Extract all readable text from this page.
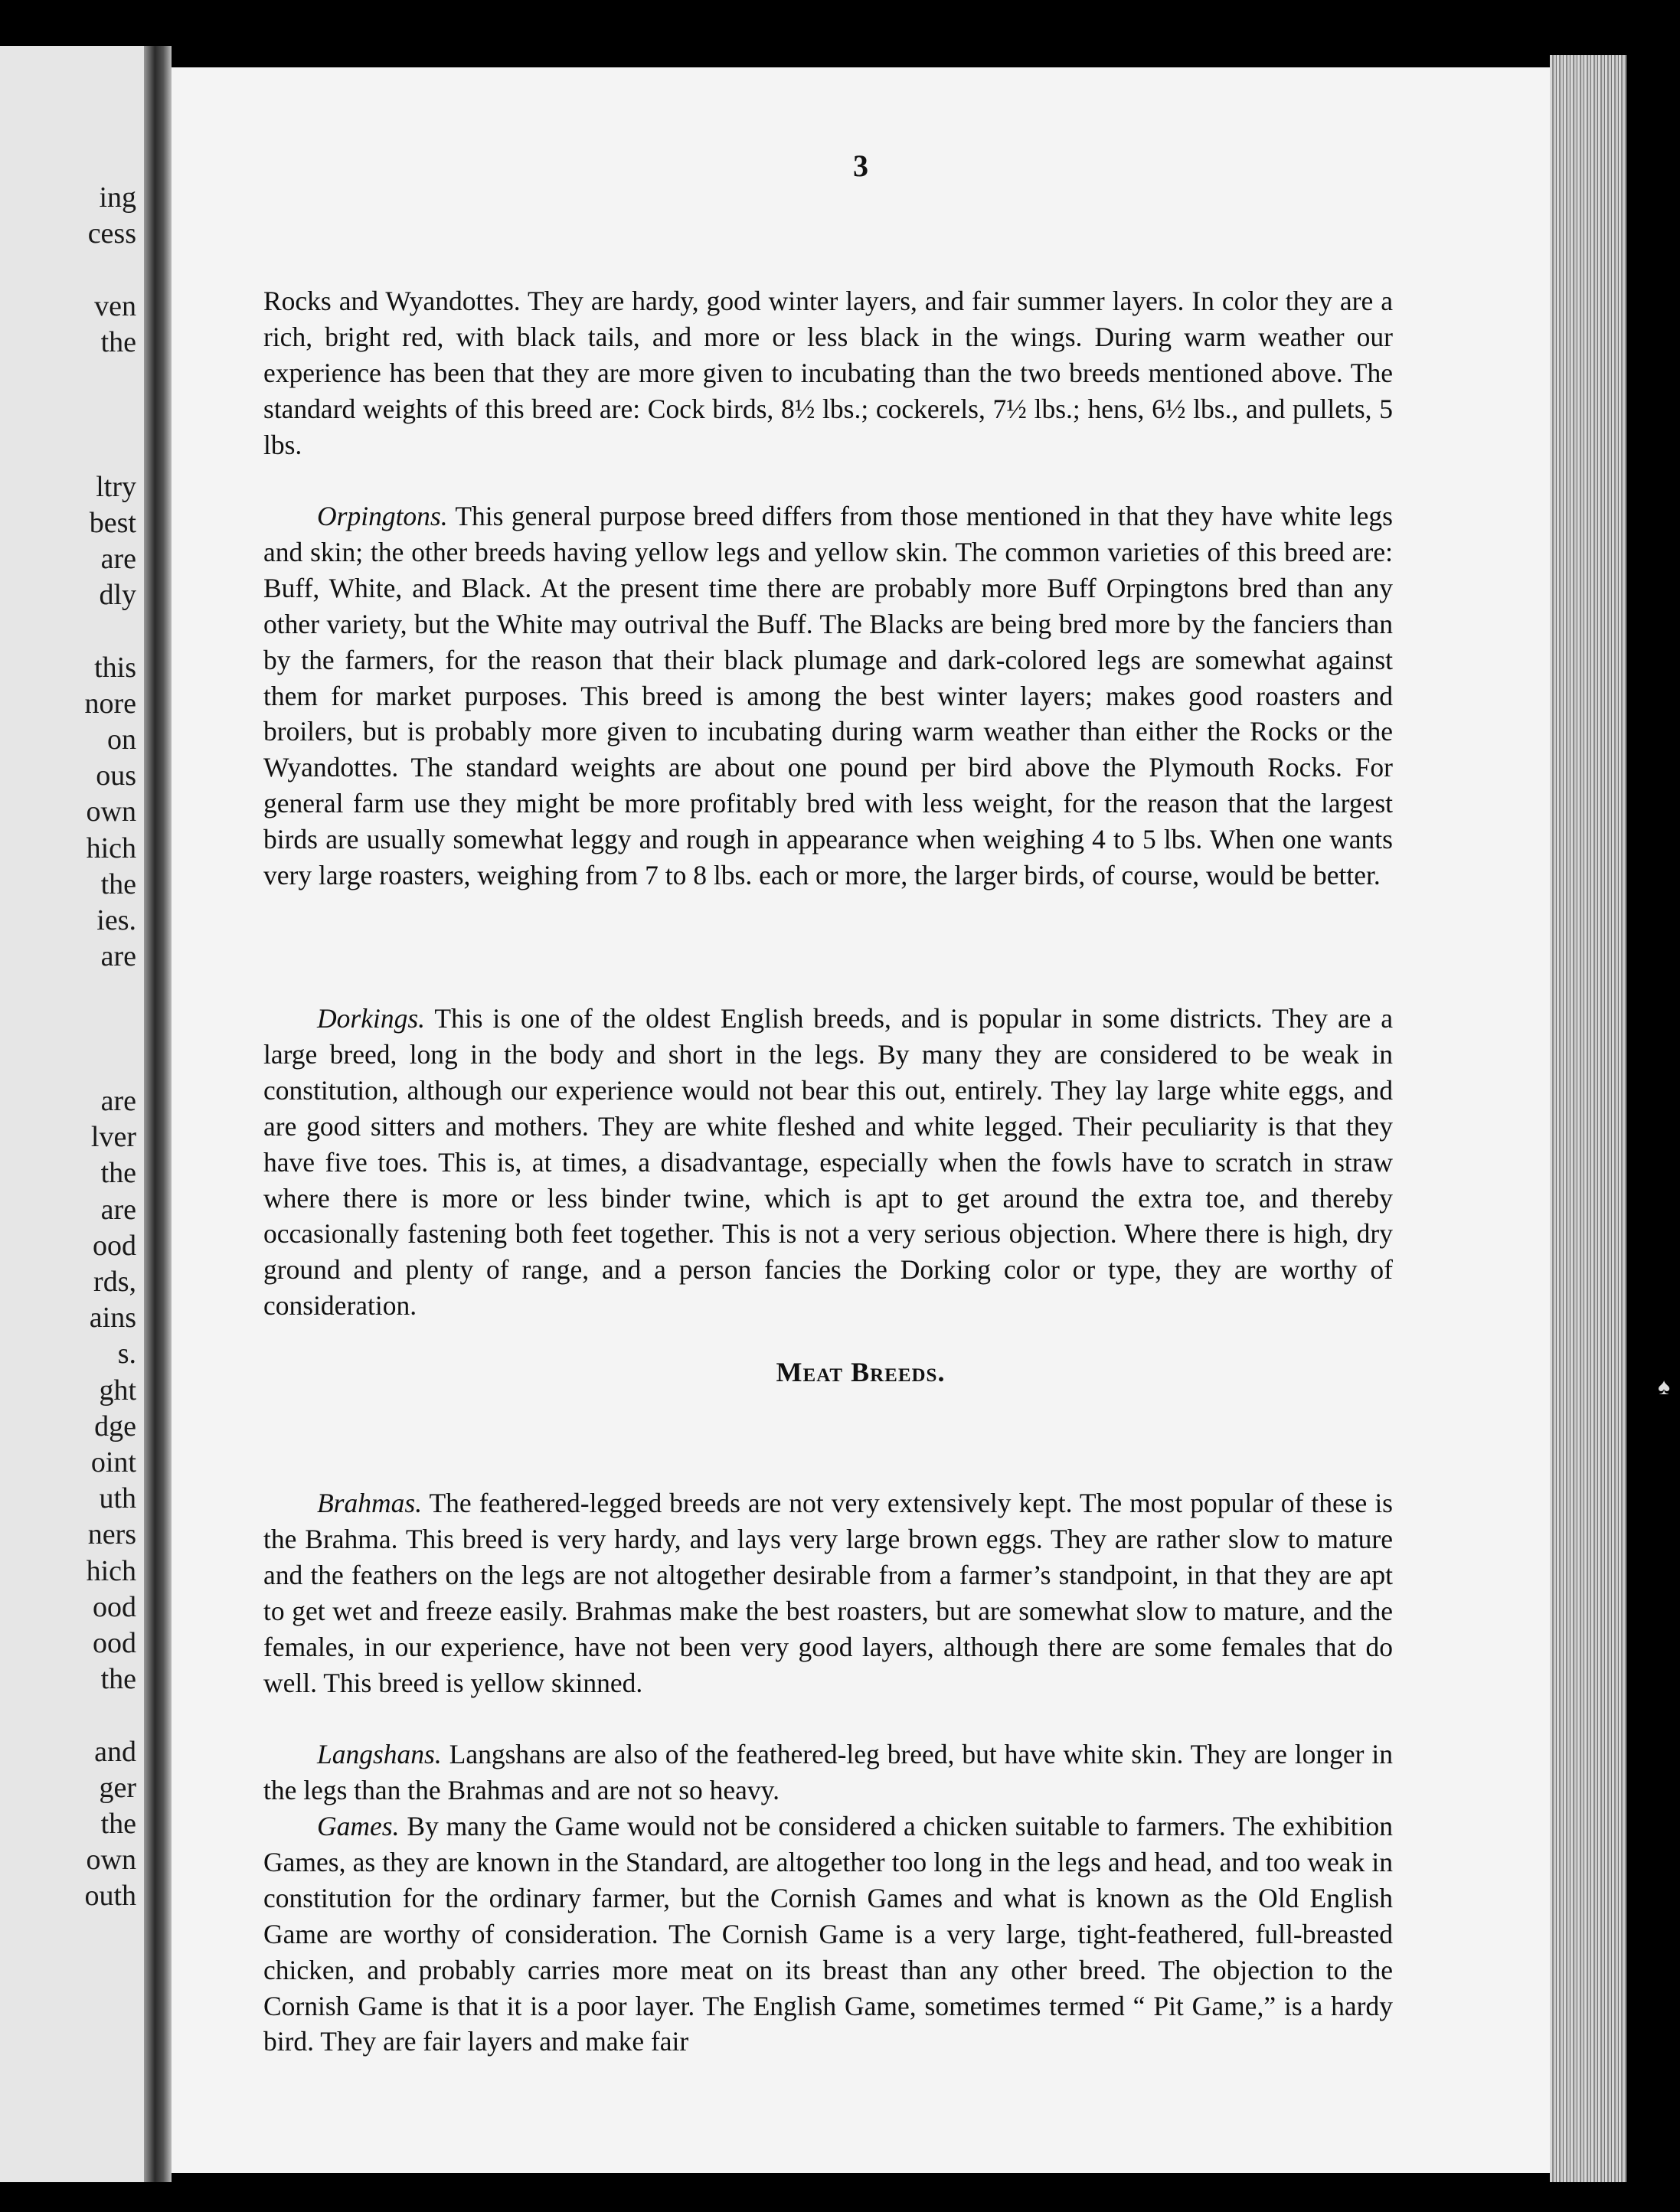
ing
cess
ven
the
ltry
best
are
dly
this
nore
on
ous
own
hich
the
ies.
are
are
lver
the
are
ood
rds,
ains
s.
ght
dge
oint
uth
ners
hich
ood
ood
the
and
ger
the
own
outh
3

Rocks and Wyandottes. They are hardy, good winter layers, and fair summer layers. In color they are a rich, bright red, with black tails, and more or less black in the wings. During warm weather our experience has been that they are more given to incubating than the two breeds mentioned above. The standard weights of this breed are: Cock birds, 8½ lbs.; cockerels, 7½ lbs.; hens, 6½ lbs., and pullets, 5 lbs.

Orpingtons. This general purpose breed differs from those mentioned in that they have white legs and skin; the other breeds having yellow legs and yellow skin. The common varieties of this breed are: Buff, White, and Black. At the present time there are probably more Buff Orpingtons bred than any other variety, but the White may outrival the Buff. The Blacks are being bred more by the fanciers than by the farmers, for the reason that their black plumage and dark-colored legs are somewhat against them for market purposes. This breed is among the best winter layers; makes good roasters and broilers, but is probably more given to incubating during warm weather than either the Rocks or the Wyandottes. The standard weights are about one pound per bird above the Plymouth Rocks. For general farm use they might be more profitably bred with less weight, for the reason that the largest birds are usually somewhat leggy and rough in appearance when weighing 4 to 5 lbs. When one wants very large roasters, weighing from 7 to 8 lbs. each or more, the larger birds, of course, would be better.

Dorkings. This is one of the oldest English breeds, and is popular in some districts. They are a large breed, long in the body and short in the legs. By many they are considered to be weak in constitution, although our experience would not bear this out, entirely. They lay large white eggs, and are good sitters and mothers. They are white fleshed and white legged. Their peculiarity is that they have five toes. This is, at times, a disadvantage, especially when the fowls have to scratch in straw where there is more or less binder twine, which is apt to get around the extra toe, and thereby occasionally fastening both feet together. This is not a very serious objection. Where there is high, dry ground and plenty of range, and a person fancies the Dorking color or type, they are worthy of consideration.

Meat Breeds.

Brahmas. The feathered-legged breeds are not very extensively kept. The most popular of these is the Brahma. This breed is very hardy, and lays very large brown eggs. They are rather slow to mature and the feathers on the legs are not altogether desirable from a farmer’s standpoint, in that they are apt to get wet and freeze easily. Brahmas make the best roasters, but are somewhat slow to mature, and the females, in our experience, have not been very good layers, although there are some females that do well. This breed is yellow skinned.

Langshans. Langshans are also of the feathered-leg breed, but have white skin. They are longer in the legs than the Brahmas and are not so heavy.

Games. By many the Game would not be considered a chicken suitable to farmers. The exhibition Games, as they are known in the Standard, are altogether too long in the legs and head, and too weak in constitution for the ordinary farmer, but the Cornish Games and what is known as the Old English Game are worthy of consideration. The Cornish Game is a very large, tight-feathered, full-breasted chicken, and probably carries more meat on its breast than any other breed. The objection to the Cornish Game is that it is a poor layer. The English Game, sometimes termed “ Pit Game,” is a hardy bird. They are fair layers and make fair

♠
